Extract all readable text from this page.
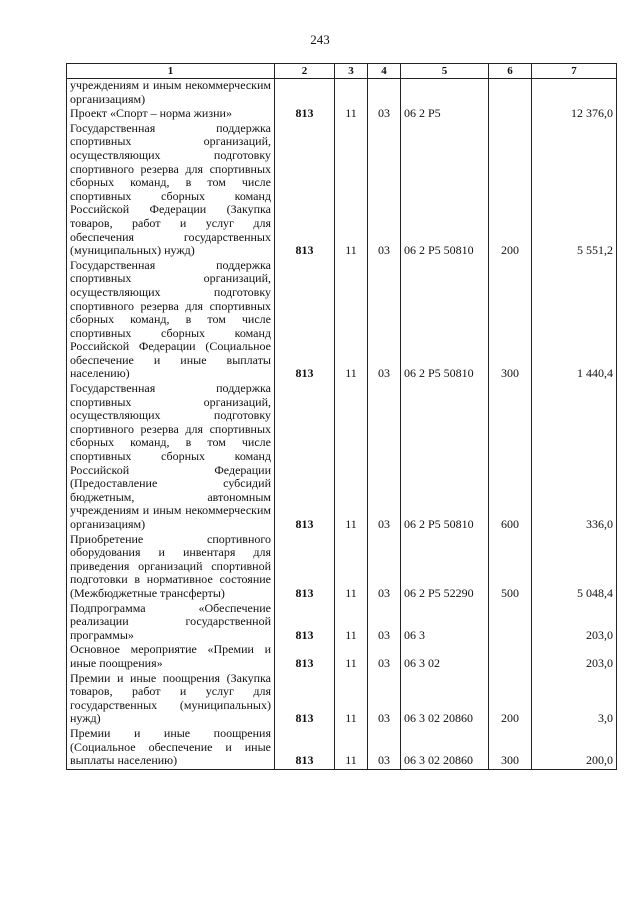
243
1	2	3	4	5	6	7
учреждениям и иным некоммерческим организациям)						
Проект «Спорт – норма жизни»	813	11	03	06 2 P5		12 376,0
Государственная поддержка спортивных организаций, осуществляющих подготовку спортивного резерва для спортивных сборных команд, в том числе спортивных сборных команд Российской Федерации (Закупка товаров, работ и услуг для обеспечения государственных (муниципальных) нужд)	813	11	03	06 2 P5 50810	200	5 551,2
Государственная поддержка спортивных организаций, осуществляющих подготовку спортивного резерва для спортивных сборных команд, в том числе спортивных сборных команд Российской Федерации (Социальное обеспечение и иные выплаты населению)	813	11	03	06 2 P5 50810	300	1 440,4
Государственная поддержка спортивных организаций, осуществляющих подготовку спортивного резерва для спортивных сборных команд, в том числе спортивных сборных команд Российской Федерации (Предоставление субсидий бюджетным, автономным учреждениям и иным некоммерческим организациям)	813	11	03	06 2 P5 50810	600	336,0
Приобретение спортивного оборудования и инвентаря для приведения организаций спортивной подготовки в нормативное состояние (Межбюджетные трансферты)	813	11	03	06 2 P5 52290	500	5 048,4
Подпрограмма «Обеспечение реализации государственной программы»	813	11	03	06 3		203,0
Основное мероприятие «Премии и иные поощрения»	813	11	03	06 3 02		203,0
Премии и иные поощрения (Закупка товаров, работ и услуг для государственных (муниципальных) нужд)	813	11	03	06 3 02 20860	200	3,0
Премии и иные поощрения (Социальное обеспечение и иные выплаты населению)	813	11	03	06 3 02 20860	300	200,0
